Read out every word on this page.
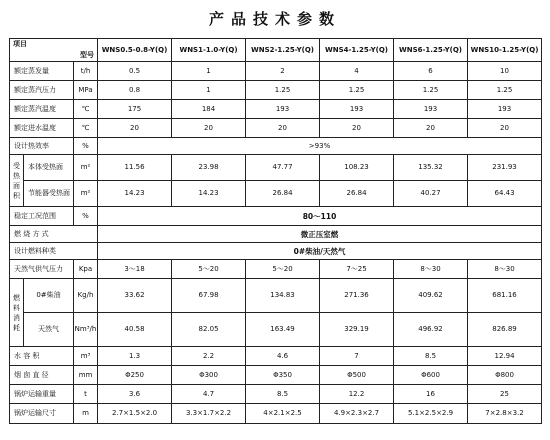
产品技术参数
项目
型号			WNS0.5-0.8-Y(Q)	WNS1-1.0-Y(Q)	WNS2-1.25-Y(Q)	WNS4-1.25-Y(Q)	WNS6-1.25-Y(Q)	WNS10-1.25-Y(Q)
额定蒸发量		t/h	0.5	1	2	4	6	10
额定蒸汽压力		MPa	0.8	1	1.25	1.25	1.25	1.25
额定蒸汽温度		℃	175	184	193	193	193	193
额定进水温度		℃	20	20	20	20	20	20
设计热效率		%	>93%					
受热面积	本体受热面	m²	11.56	23.98	47.77	108.23	135.32	231.93
	节能器受热面	m²	14.23	14.23	26.84	26.84	40.27	64.43
稳定工况范围		%	80～110					
燃 烧 方 式			微正压室燃					
设计燃料种类			0#柴油/天然气					
天然气供气压力		Kpa	3～18	5～20	5～20	7～25	8～30	8～30
燃料消耗	0#柴油	Kg/h	33.62	67.98	134.83	271.36	409.62	681.16
	天然气	Nm³/h	40.58	82.05	163.49	329.19	496.92	826.89
水 容 积		m³	1.3	2.2	4.6	7	8.5	12.94
烟 囱 直 径		mm	Φ250	Φ300	Φ350	Φ500	Φ600	Φ800
锅炉运输重量		t	3.6	4.7	8.5	12.2	16	25
锅炉运输尺寸		m	2.7×1.5×2.0	3.3×1.7×2.2	4×2.1×2.5	4.9×2.3×2.7	5.1×2.5×2.9	7×2.8×3.2
